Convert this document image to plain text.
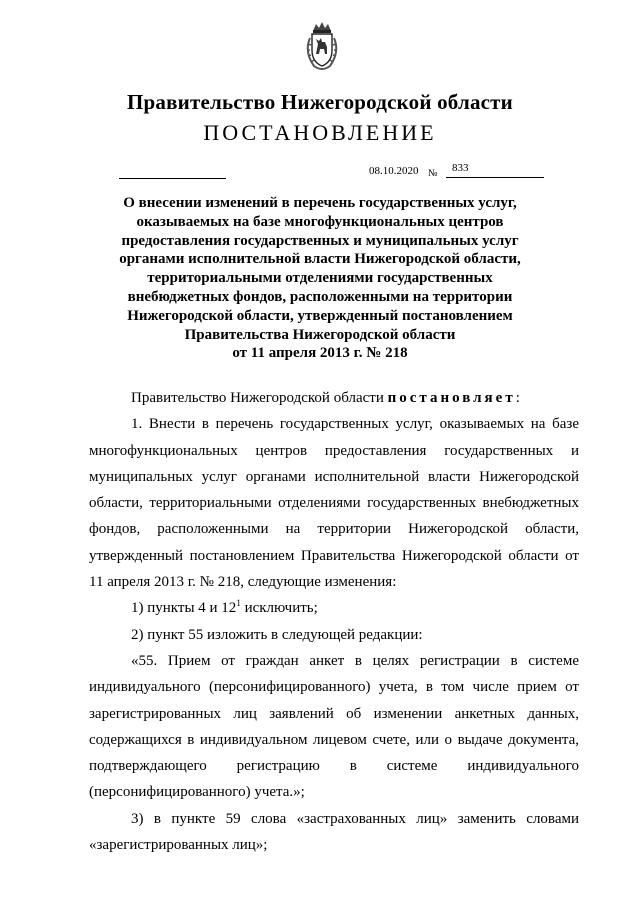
Правительство Нижегородской области
ПОСТАНОВЛЕНИЕ
08.10.2020 №	833
О внесении изменений в перечень государственных услуг,
оказываемых на базе многофункциональных центров
предоставления государственных и муниципальных услуг
органами исполнительной власти Нижегородской области,
территориальными отделениями государственных
внебюджетных фондов, расположенными на территории
Нижегородской области, утвержденный постановлением
Правительства Нижегородской области
от 11 апреля 2013 г. № 218

Правительство Нижегородской области постановляет:

1. Внести в перечень государственных услуг, оказываемых на базе многофункциональных центров предоставления государственных и муниципальных услуг органами исполнительной власти Нижегородской области, территориальными отделениями государственных внебюджетных фондов, расположенными на территории Нижегородской области, утвержденный постановлением Правительства Нижегородской области от 11 апреля 2013 г. № 218, следующие изменения:

1) пункты 4 и $12^1$ исключить;

2) пункт 55 изложить в следующей редакции:

«55. Прием от граждан анкет в целях регистрации в системе индивидуального (персонифицированного) учета, в том числе прием от зарегистрированных лиц заявлений об изменении анкетных данных, содержащихся в индивидуальном лицевом счете, или о выдаче документа, подтверждающего регистрацию в системе индивидуального (персонифицированного) учета.»;

3) в пункте 59 слова «застрахованных лиц» заменить словами «зарегистрированных лиц»;
